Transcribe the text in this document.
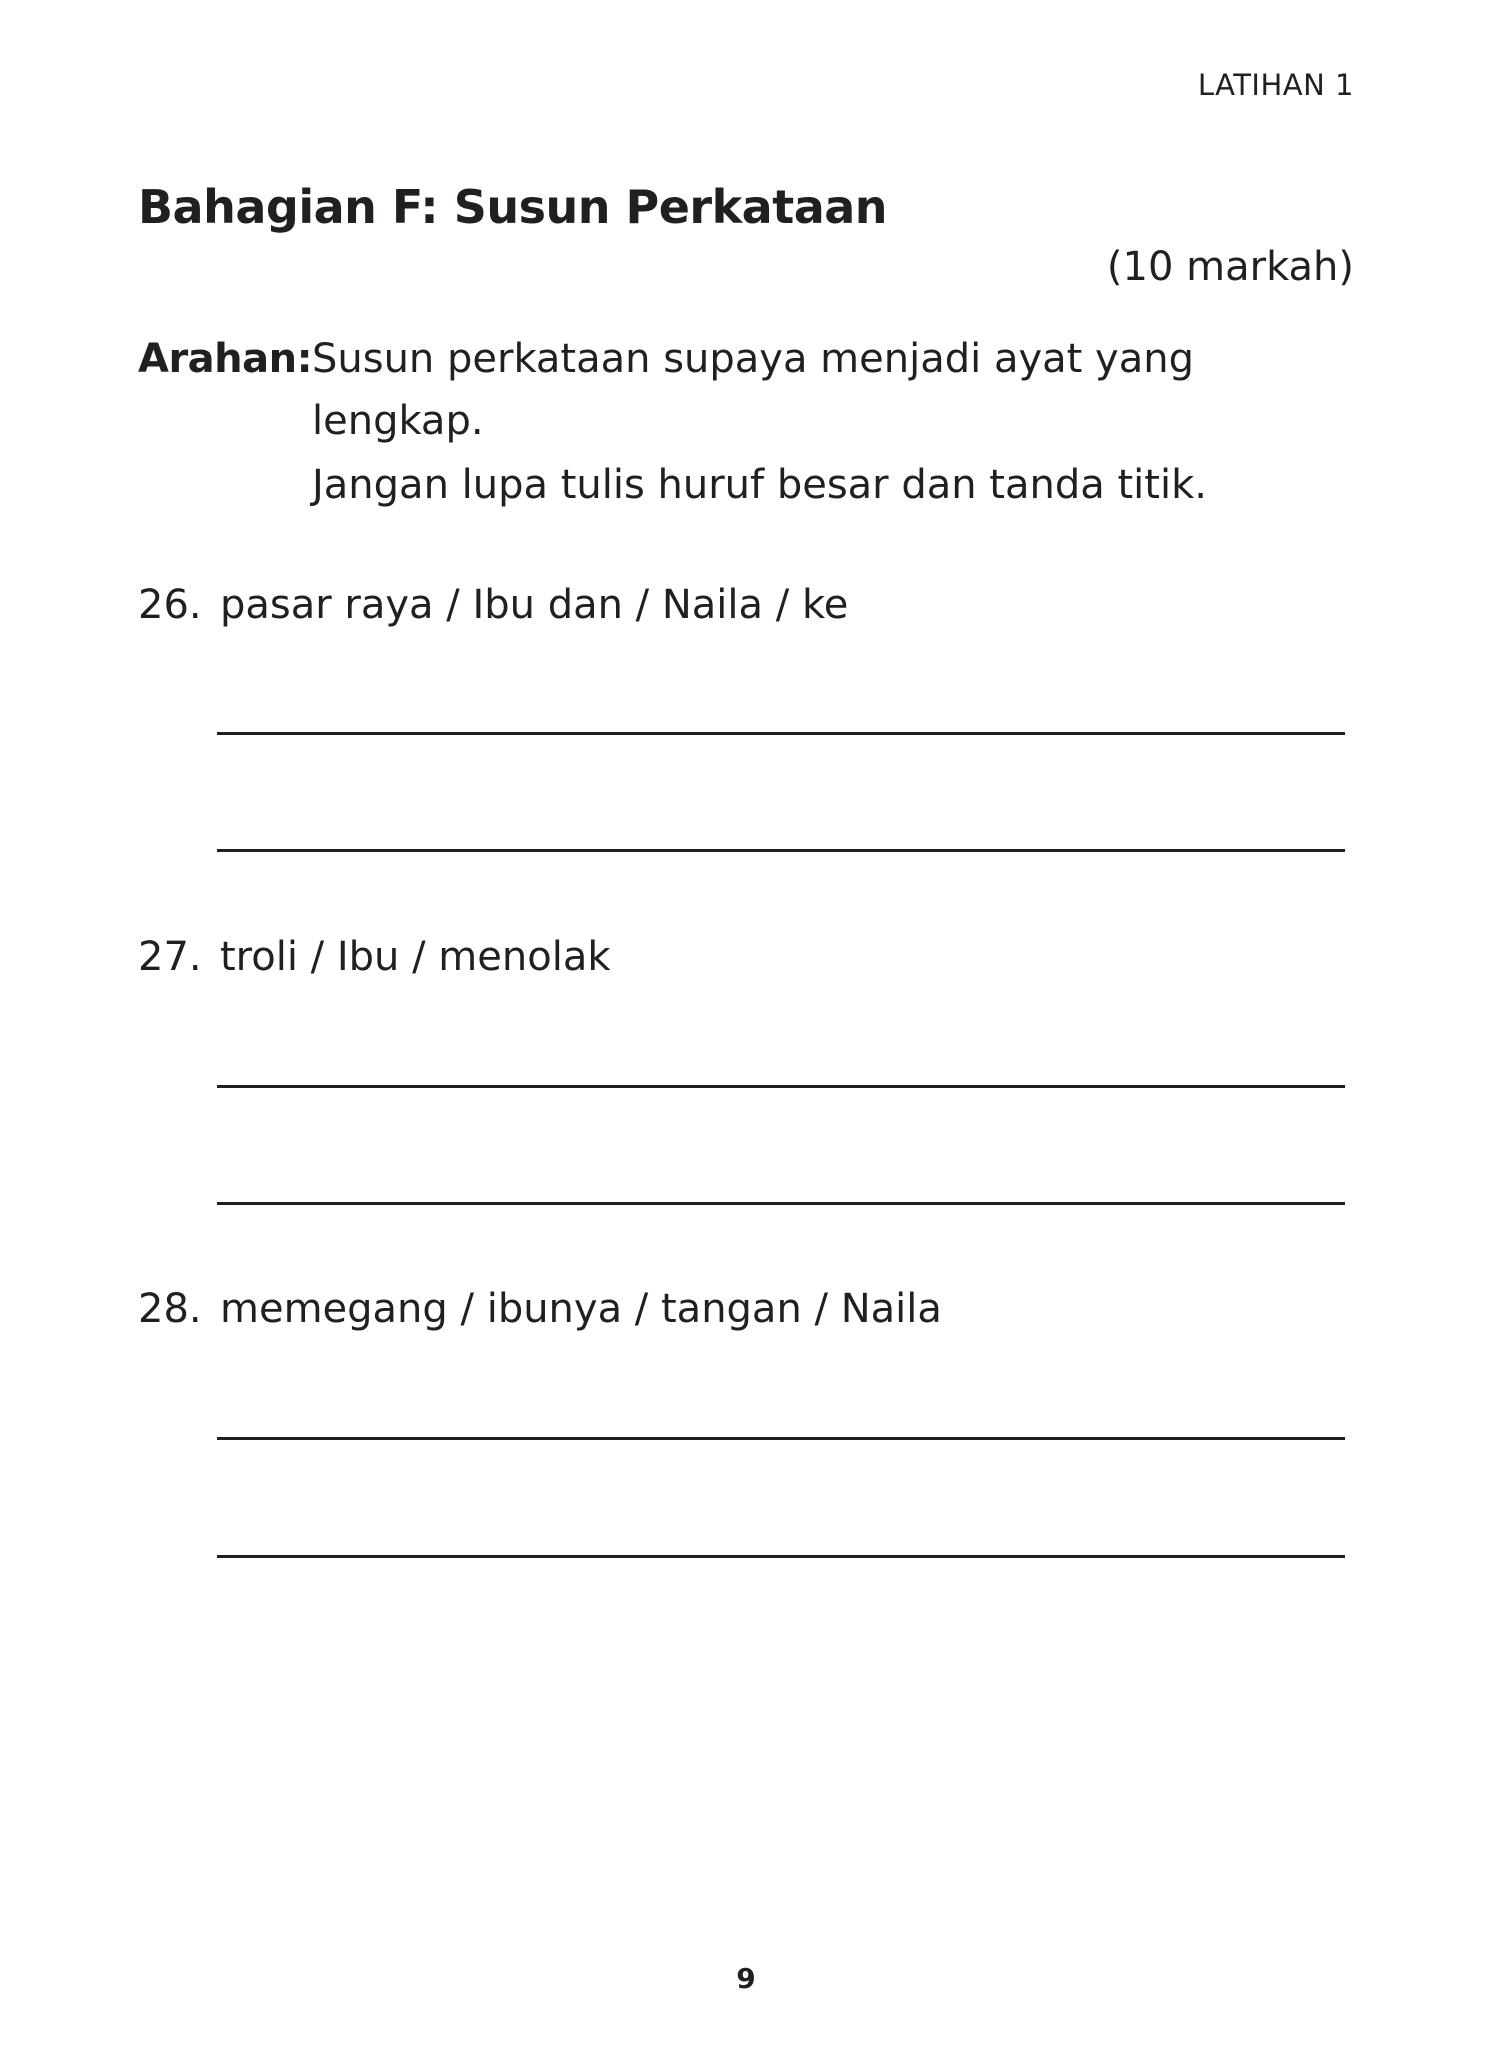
LATIHAN 1
Bahagian F: Susun Perkataan
(10 markah)
Arahan: Susun perkataan supaya menjadi ayat yang
lengkap.
Jangan lupa tulis huruf besar dan tanda titik.
26. pasar raya / Ibu dan / Naila / ke
27. troli / Ibu / menolak
28. memegang / ibunya / tangan / Naila
9
